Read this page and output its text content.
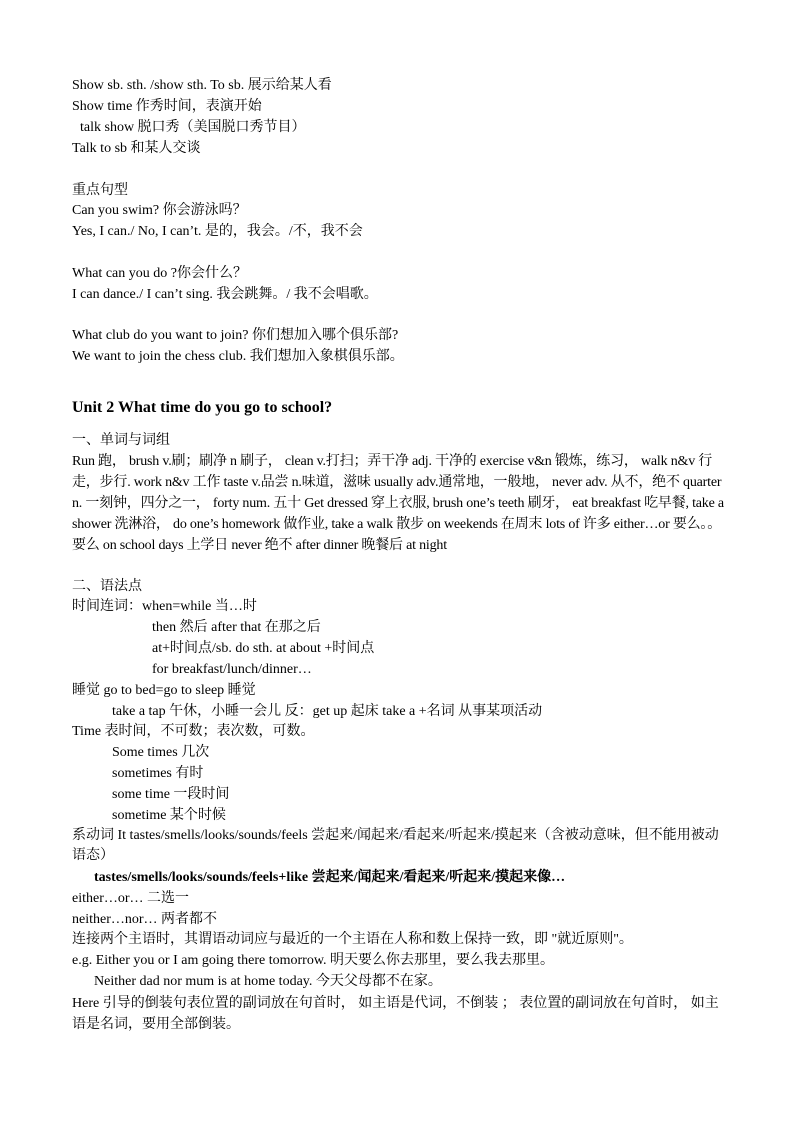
Show sb. sth. /show sth. To sb. 展示给某人看
Show time 作秀时间，表演开始
talk show 脱口秀（美国脱口秀节目）
Talk to sb 和某人交谈
重点句型
Can you swim? 你会游泳吗？
Yes, I can./ No, I can’t. 是的，我会。/不，我不会
What can you do ?你会什么？
I can dance./ I can’t sing. 我会跳舞。/ 我不会唱歌。
What club do you want to join? 你们想加入哪个俱乐部?
We want to join the chess club. 我们想加入象棋俱乐部。
Unit 2 What time do you go to school?
一、单词与词组
Run 跑， brush v.刷；刷净 n 刷子， clean v.打扫；弄干净 adj. 干净的 exercise v&n 锻炼，练习， walk n&v 行走，步行. work n&v 工作 taste v.品尝 n.味道，滋味 usually adv.通常地，一般地， never adv. 从不，绝不 quarter n. 一刻钟，四分之一， forty num. 五十 Get dressed 穿上衣服, brush one’s teeth 刷牙， eat breakfast 吃早餐, take a shower 洗淋浴， do one’s homework 做作业, take a walk 散步 on weekends 在周末 lots of 许多 either…or 要么。。要么 on school days 上学日 never 绝不 after dinner 晚餐后 at night
二、语法点
时间连词：when=while 当…时
then 然后 after that 在那之后
at+时间点/sb. do sth. at about +时间点
for breakfast/lunch/dinner…
睡觉 go to bed=go to sleep 睡觉
take a tap 午休，小睡一会儿 反：get up 起床 take a +名词 从事某项活动
Time 表时间，不可数；表次数，可数。
Some times 几次
sometimes 有时
some time 一段时间
sometime 某个时候
系动词 It tastes/smells/looks/sounds/feels 尝起来/闻起来/看起来/听起来/摸起来（含被动意味，但不能用被动语态）
tastes/smells/looks/sounds/feels+like 尝起来/闻起来/看起来/听起来/摸起来像…
either…or… 二选一
neither…nor… 两者都不
连接两个主语时，其谓语动词应与最近的一个主语在人称和数上保持一致，即 "就近原则"。
e.g. Either you or I am going there tomorrow. 明天要么你去那里，要么我去那里。
Neither dad nor mum is at home today. 今天父母都不在家。
Here 引导的倒装句表位置的副词放在句首时， 如主语是代词，不倒装 ； 表位置的副词放在句首时， 如主语是名词，要用全部倒装。
